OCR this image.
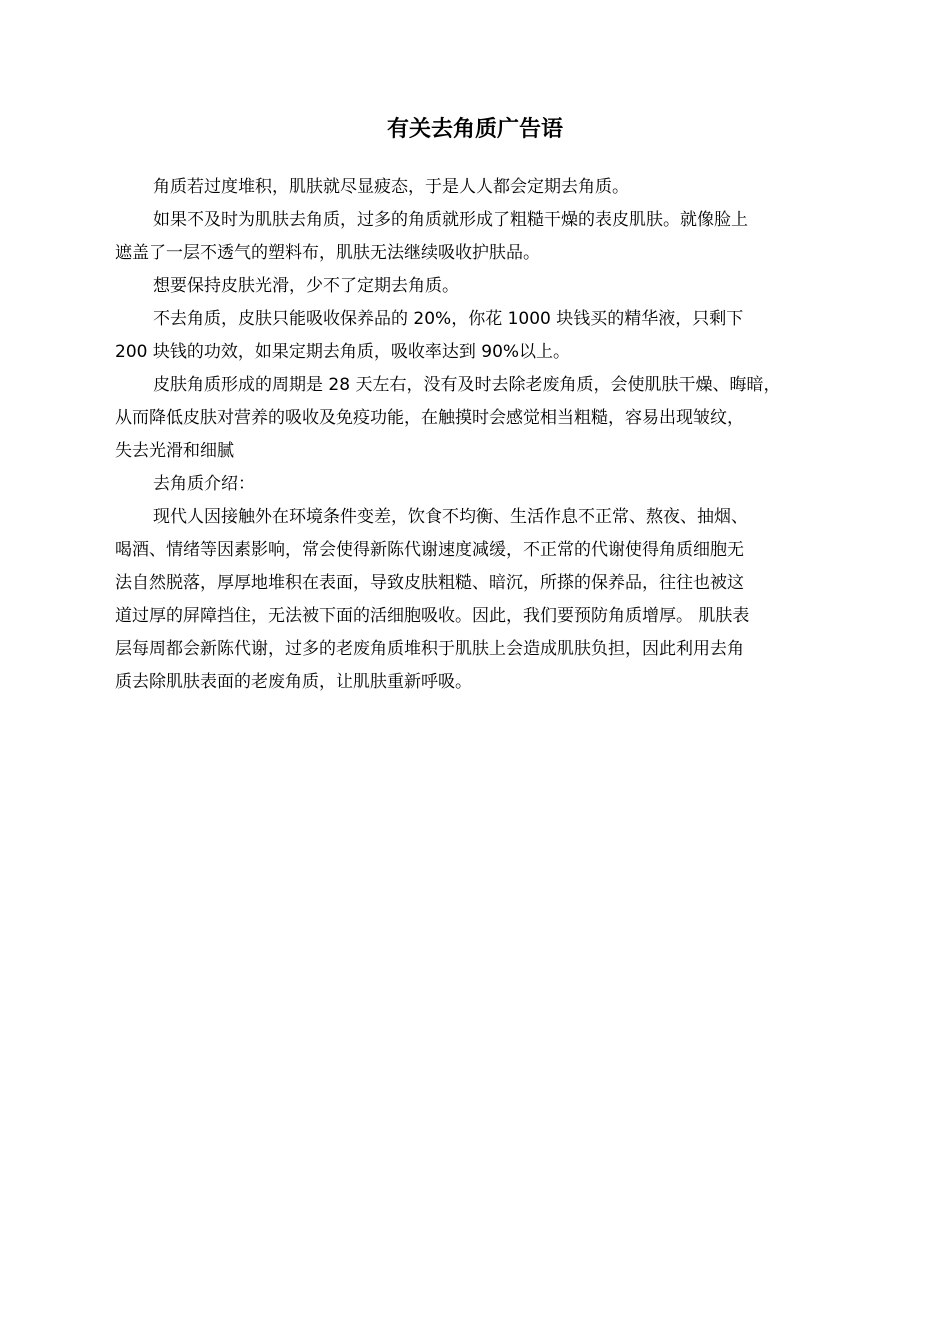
有关去角质广告语

角质若过度堆积，肌肤就尽显疲态，于是人人都会定期去角质。

如果不及时为肌肤去角质，过多的角质就形成了粗糙干燥的表皮肌肤。就像脸上
遮盖了一层不透气的塑料布，肌肤无法继续吸收护肤品。

想要保持皮肤光滑，少不了定期去角质。

不去角质，皮肤只能吸收保养品的 20%，你花 1000 块钱买的精华液，只剩下
200 块钱的功效，如果定期去角质，吸收率达到 90%以上。

皮肤角质形成的周期是 28 天左右，没有及时去除老废角质，会使肌肤干燥、晦暗，
从而降低皮肤对营养的吸收及免疫功能，在触摸时会感觉相当粗糙，容易出现皱纹，
失去光滑和细腻

去角质介绍：

现代人因接触外在环境条件变差，饮食不均衡、生活作息不正常、熬夜、抽烟、
喝酒、情绪等因素影响，常会使得新陈代谢速度减缓，不正常的代谢使得角质细胞无
法自然脱落，厚厚地堆积在表面，导致皮肤粗糙、暗沉，所搽的保养品，往往也被这
道过厚的屏障挡住，无法被下面的活细胞吸收。因此，我们要预防角质增厚。 肌肤表
层每周都会新陈代谢，过多的老废角质堆积于肌肤上会造成肌肤负担，因此利用去角
质去除肌肤表面的老废角质，让肌肤重新呼吸。
